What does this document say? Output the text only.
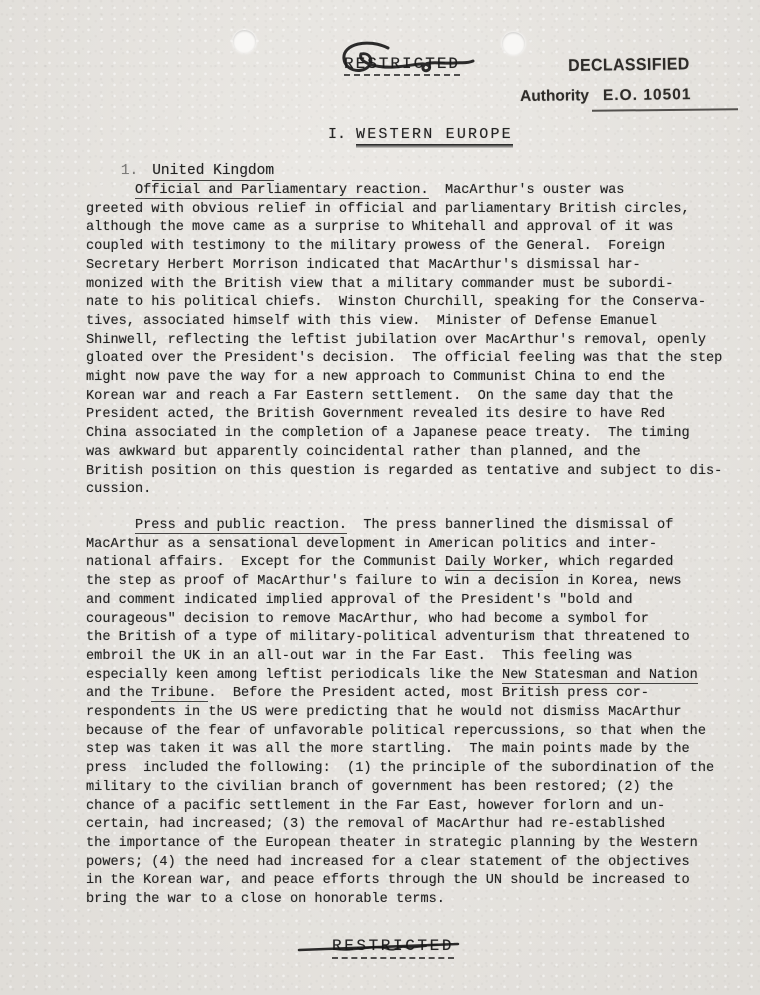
RESTRICTED	DECLASSIFIED
Authority E.O. 10501

I. WESTERN EUROPE

1. United Kingdom

Official and Parliamentary reaction.  MacArthur's ouster was
greeted with obvious relief in official and parliamentary British circles,
although the move came as a surprise to Whitehall and approval of it was
coupled with testimony to the military prowess of the General.  Foreign
Secretary Herbert Morrison indicated that MacArthur's dismissal har-
monized with the British view that a military commander must be subordi-
nate to his political chiefs.  Winston Churchill, speaking for the Conserva-
tives, associated himself with this view.  Minister of Defense Emanuel
Shinwell, reflecting the leftist jubilation over MacArthur's removal, openly
gloated over the President's decision.  The official feeling was that the step
might now pave the way for a new approach to Communist China to end the
Korean war and reach a Far Eastern settlement.  On the same day that the
President acted, the British Government revealed its desire to have Red
China associated in the completion of a Japanese peace treaty.  The timing
was awkward but apparently coincidental rather than planned, and the
British position on this question is regarded as tentative and subject to dis-
cussion.
Press and public reaction.  The press bannerlined the dismissal of
MacArthur as a sensational development in American politics and inter-
national affairs.  Except for the Communist Daily Worker, which regarded
the step as proof of MacArthur's failure to win a decision in Korea, news
and comment indicated implied approval of the President's "bold and
courageous" decision to remove MacArthur, who had become a symbol for
the British of a type of military-political adventurism that threatened to
embroil the UK in an all-out war in the Far East.  This feeling was
especially keen among leftist periodicals like the New Statesman and Nation
and the Tribune.  Before the President acted, most British press cor-
respondents in the US were predicting that he would not dismiss MacArthur
because of the fear of unfavorable political repercussions, so that when the
step was taken it was all the more startling.  The main points made by the
press  included the following:  (1) the principle of the subordination of the
military to the civilian branch of government has been restored; (2) the
chance of a pacific settlement in the Far East, however forlorn and un-
certain, had increased; (3) the removal of MacArthur had re-established
the importance of the European theater in strategic planning by the Western
powers; (4) the need had increased for a clear statement of the objectives
in the Korean war, and peace efforts through the UN should be increased to
bring the war to a close on honorable terms.
RESTRICTED
